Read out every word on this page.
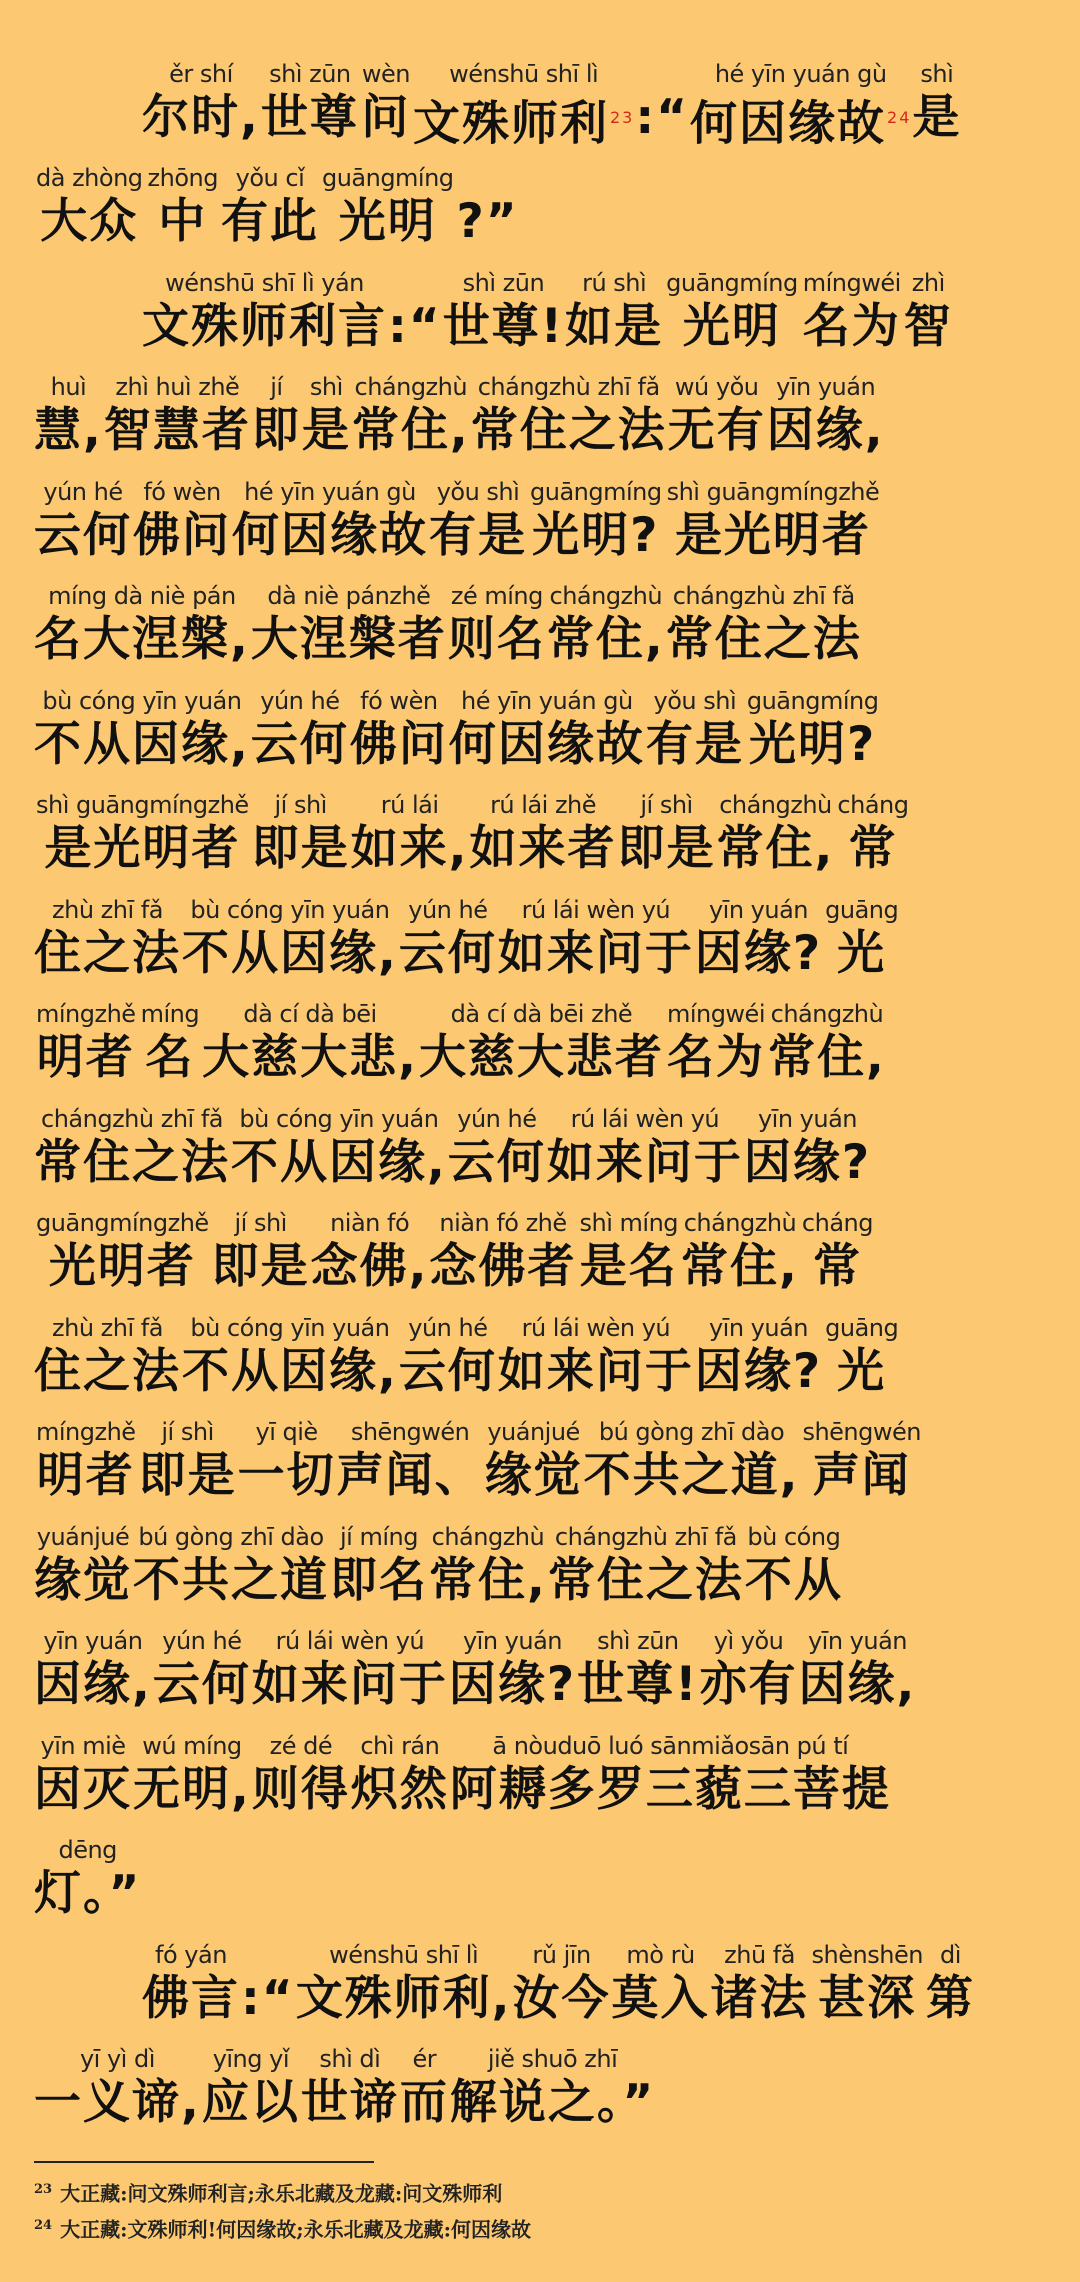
ěr shí
尔时,
shì zūn
世尊
wèn
问
wénshū shī lì
文殊师利$^{23}$ :“
hé yīn yuán gù
何因缘故$^{24}$
shì
是
dà zhòng
大众
zhōng
中
yǒu cǐ
有此
guāngmíng
光明 ?”
wénshū shī lì yán
文殊师利言 :“
shì zūn
世尊!
rú shì
如是
guāngmíng
光明
míngwéi
名为
zhì
智
huì
慧,
zhì huì zhě
智慧者
jí
即
shì
是
chángzhù
常住,
chángzhù zhī fǎ
常住之法
wú yǒu
无有
yīn yuán
因缘,
yún hé
云何
fó wèn
佛问
hé yīn yuán gù
何因缘故
yǒu shì
有是
guāngmíng
光明?
shì guāngmíngzhě
是光明者
míng dà niè pán
名大涅槃,
dà niè pánzhě
大涅槃者
zé míng
则名
chángzhù
常住,
chángzhù zhī fǎ
常住之法
bù cóng yīn yuán
不从因缘,
yún hé
云何
fó wèn
佛问
hé yīn yuán gù
何因缘故
yǒu shì
有是
guāngmíng
光明?
shì guāngmíngzhě
是光明者
jí shì
即是
rú lái
如来,
rú lái zhě
如来者
jí shì
即是
chángzhù
常住,
cháng
常
zhù zhī fǎ
住之法
bù cóng yīn yuán
不从因缘,
yún hé
云何
rú lái wèn yú
如来问于
yīn yuán
因缘?
guāng
光
míngzhě
明者
míng
名
dà cí dà bēi
大慈大悲,
dà cí dà bēi zhě
大慈大悲者
míngwéi
名为
chángzhù
常住,
chángzhù zhī fǎ
常住之法
bù cóng yīn yuán
不从因缘,
yún hé
云何
rú lái wèn yú
如来问于
yīn yuán
因缘?
guāngmíngzhě
光明者
jí shì
即是
niàn fó
念佛,
niàn fó zhě
念佛者
shì míng
是名
chángzhù
常住,
cháng
常
zhù zhī fǎ
住之法
bù cóng yīn yuán
不从因缘,
yún hé
云何
rú lái wèn yú
如来问于
yīn yuán
因缘?
guāng
光
míngzhě
明者
jí shì
即是
yī qiè
一切
shēngwén
声闻、
yuánjué
缘觉
bú gòng zhī dào
不共之道,
shēngwén
声闻
yuánjué
缘觉
bú gòng zhī dào
不共之道
jí míng
即名
chángzhù
常住,
chángzhù zhī fǎ
常住之法
bù cóng
不从
yīn yuán
因缘,
yún hé
云何
rú lái wèn yú
如来问于
yīn yuán
因缘?
shì zūn
世尊!
yì yǒu
亦有
yīn yuán
因缘,
yīn miè
因灭
wú míng
无明,
zé dé
则得
chì rán
炽然
ā nòuduō luó sānmiǎosān pú tí
阿耨多罗三藐三菩提
dēng
灯。”
fó yán
佛言 :“
wénshū shī lì
文殊师利,
rǔ jīn
汝今
mò rù
莫入
zhū fǎ
诸法
shènshēn
甚深
dì
第
yī yì dì
一义谛,
yīng yǐ
应以
shì dì
世谛
ér
而
jiě shuō zhī
解说之。”
$^{23}$ 大正藏:问文殊师利言;永乐北藏及龙藏:问文殊师利
$^{24}$ 大正藏:文殊师利!何因缘故;永乐北藏及龙藏:何因缘故
